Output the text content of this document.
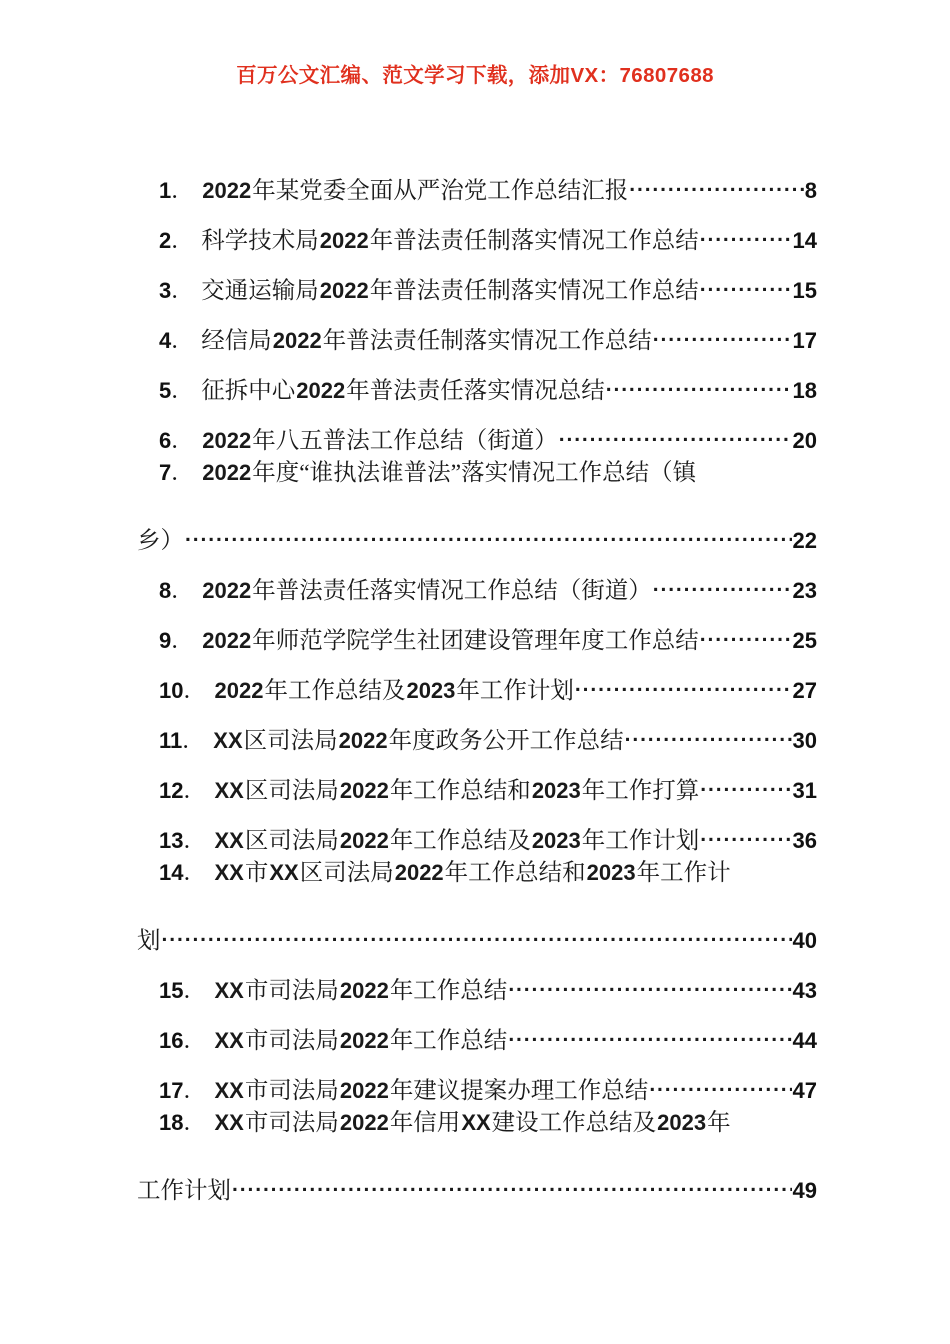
百万公文汇编、范文学习下载，添加VX：76807688
1 ．	2022年某党委全面从严治党工作总结汇报 .....	8
2 ．	科学技术局2022年普法责任制落实情况工作总结 .....	14
3 ．	交通运输局2022年普法责任制落实情况工作总结 .....	15
4 ．	经信局2022年普法责任制落实情况工作总结 .....	17
5 ．	征拆中心2022年普法责任落实情况总结 .....	18
6 ．	2022年八五普法工作总结（街道） .....	20
7 ．	2022年度“谁执法谁普法”落实情况工作总结（镇
乡） .....	22
8 ．	2022年普法责任落实情况工作总结（街道） .....	23
9 ．	2022年师范学院学生社团建设管理年度工作总结 .....	25
10 ．	2022年工作总结及2023年工作计划 .....	27
11 ．	XX区司法局2022年度政务公开工作总结 .....	30
12 ．	XX区司法局2022年工作总结和2023年工作打算 .....	31
13 ．	XX区司法局2022年工作总结及2023年工作计划 .....	36
14 ．	XX市XX区司法局2022年工作总结和2023年工作计
划 .....	40
15 ．	XX市司法局2022年工作总结 .....	43
16 ．	XX市司法局2022年工作总结 .....	44
17 ．	XX市司法局2022年建议提案办理工作总结 .....	47
18 ．	XX市司法局2022年信用XX建设工作总结及2023年
工作计划 .....	49
